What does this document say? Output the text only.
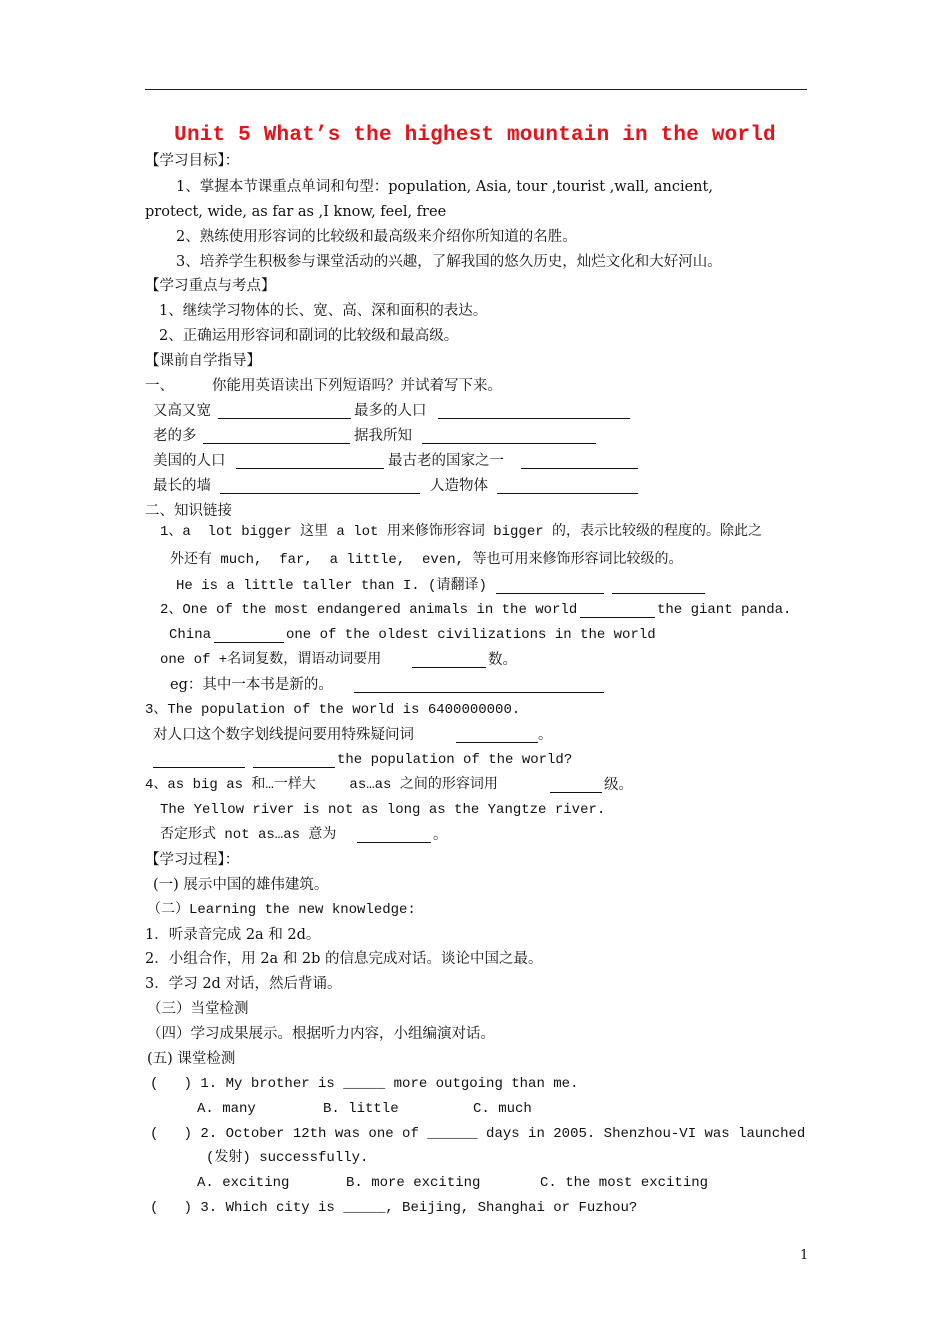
Unit 5 What’s the highest mountain in the world
【学习目标】：
1、掌握本节课重点单词和句型：population, Asia, tour ,tourist ,wall, ancient,
protect, wide, as far as ,I know, feel, free
2、熟练使用形容词的比较级和最高级来介绍你所知道的名胜。
3、培养学生积极参与课堂活动的兴趣，了解我国的悠久历史，灿烂文化和大好河山。
【学习重点与考点】
1、继续学习物体的长、宽、高、深和面积的表达。
2、正确运用形容词和副词的比较级和最高级。
【课前自学指导】
一、	你能用英语读出下列短语吗？并试着写下来。
又高又宽	最多的人口
老的多	据我所知
美国的人口	最古老的国家之一
最长的墙	人造物体
二、知识链接
1、a  lot bigger 这里 a lot 用来修饰形容词 bigger 的，表示比较级的程度的。除此之
外还有 much,  far,  a little,  even, 等也可用来修饰形容词比较级的。
He is a little taller than I. (请翻译)
2、One of the most endangered animals in the world	the giant panda.
China	one of the oldest civilizations in the world
one of +名词复数，谓语动词要用	数。
eg：其中一本书是新的。
3、The population of the world is 6400000000.
对人口这个数字划线提问要用特殊疑问词	。
the population of the world?
4、as big as 和…一样大    as…as 之间的形容词用	级。
The Yellow river is not as long as the Yangtze river.
否定形式 not as…as 意为	。
【学习过程】：
(一) 展示中国的雄伟建筑。
（二）Learning the new knowledge:
1．听录音完成 2a 和 2d。
2．小组合作，用 2a 和 2b 的信息完成对话。谈论中国之最。
3．学习 2d 对话，然后背诵。
（三）当堂检测
（四）学习成果展示。根据听力内容，小组编演对话。
(五) 课堂检测
(   ) 1. My brother is _____ more outgoing than me.
A. many	B. little	C. much
(   ) 2. October 12th was one of ______ days in 2005. Shenzhou-VI was launched
(发射) successfully.
A. exciting	B. more exciting	C. the most exciting
(   ) 3. Which city is _____, Beijing, Shanghai or Fuzhou?
1
